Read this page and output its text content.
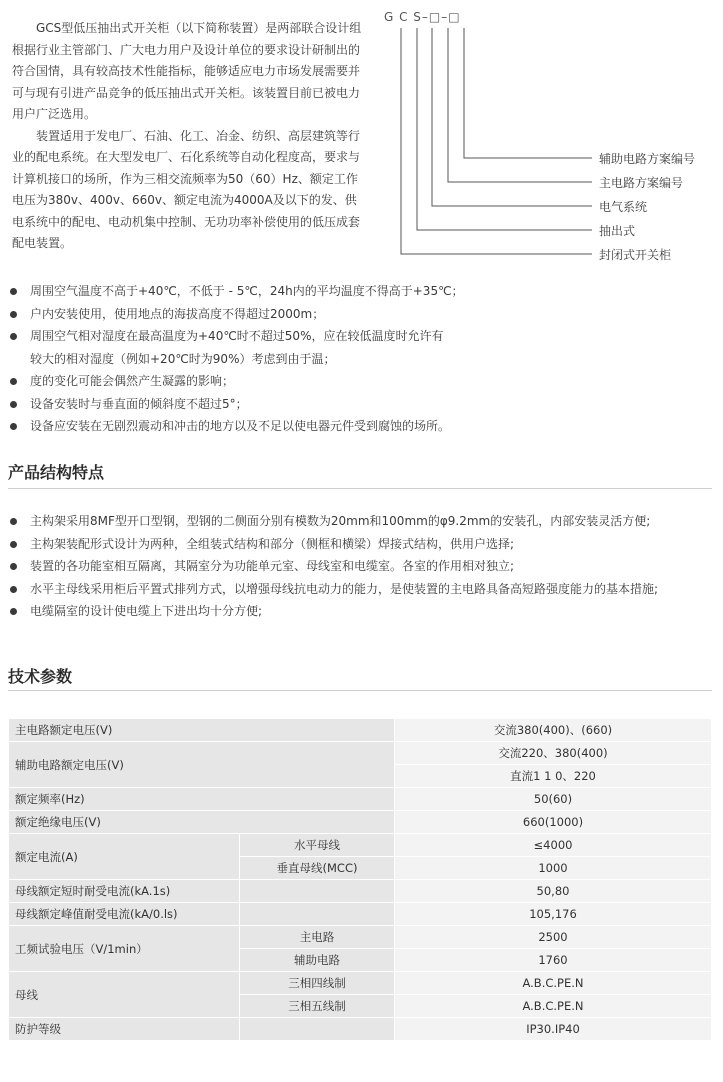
GCS型低压抽出式开关柜（以下简称装置）是两部联合设计组根据行业主管部门、广大电力用户及设计单位的要求设计研制出的符合国情，具有较高技术性能指标，能够适应电力市场发展需要并可与现有引进产品竞争的低压抽出式开关柜。该装置目前已被电力用户广泛选用。

装置适用于发电厂、石油、化工、冶金、纺织、高层建筑等行业的配电系统。在大型发电厂、石化系统等自动化程度高，要求与计算机接口的场所，作为三相交流频率为50（60）Hz、额定工作电压为380v、400v、660v、额定电流为4000A及以下的发、供电系统中的配电、电动机集中控制、无功功率补偿使用的低压成套配电装置。

G C S–□–□
辅助电路方案编号
主电路方案编号
电气系统
抽出式
封闭式开关柜
周围空气温度不高于+40℃，不低于 - 5℃，24h内的平均温度不得高于+35℃；
户内安装使用，使用地点的海拔高度不得超过2000m；
周围空气相对湿度在最高温度为+40℃时不超过50%，应在较低温度时允许有
较大的相对湿度（例如+20℃时为90%）考虑到由于温；
度的变化可能会偶然产生凝露的影响；
设备安装时与垂直面的倾斜度不超过5°；
设备应安装在无剧烈震动和冲击的地方以及不足以使电器元件受到腐蚀的场所。
产品结构特点
主构架采用8MF型开口型钢，型钢的二侧面分别有模数为20mm和100mm的φ9.2mm的安装孔，内部安装灵活方便;
主构架装配形式设计为两种，全组装式结构和部分（侧框和横梁）焊接式结构，供用户选择;
装置的各功能室相互隔离，其隔室分为功能单元室、母线室和电缆室。各室的作用相对独立;
水平主母线采用柜后平置式排列方式，以增强母线抗电动力的能力，是使装置的主电路具备高短路强度能力的基本措施;
电缆隔室的设计使电缆上下进出均十分方便;
技术参数
主电路额定电压(V)		交流380(400)、(660)
辅助电路额定电压(V)		交流220、380(400)
		直流1 1 0、220
额定频率(Hz)		50(60)
额定绝缘电压(V)		660(1000)
额定电流(A)	水平母线	≤4000
	垂直母线(MCC)	1000
母线额定短时耐受电流(kA.1s)		50,80
母线额定峰值耐受电流(kA/0.ls)		105,176
工频试验电压（V/1min）	主电路	2500
	辅助电路	1760
母线	三相四线制	A.B.C.PE.N
	三相五线制	A.B.C.PE.N
防护等级		IP30.IP40
